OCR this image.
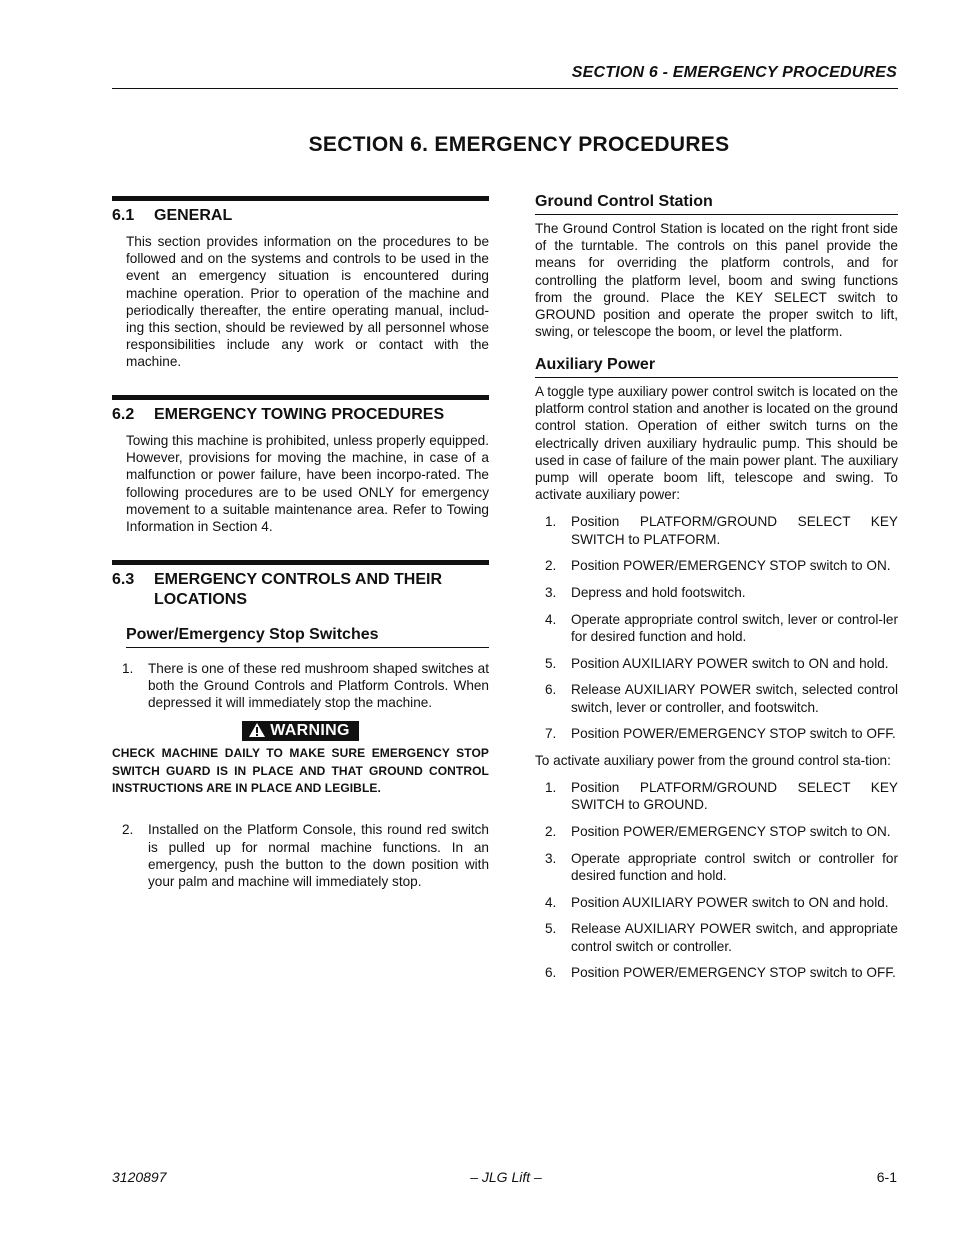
SECTION 6 - EMERGENCY PROCEDURES
SECTION 6. EMERGENCY PROCEDURES
6.1 GENERAL
This section provides information on the procedures to be followed and on the systems and controls to be used in the event an emergency situation is encountered during machine operation. Prior to operation of the machine and periodically thereafter, the entire operating manual, includ-ing this section, should be reviewed by all personnel whose responsibilities include any work or contact with the machine.
6.2 EMERGENCY TOWING PROCEDURES
Towing this machine is prohibited, unless properly equipped. However, provisions for moving the machine, in case of a malfunction or power failure, have been incorpo-rated. The following procedures are to be used ONLY for emergency movement to a suitable maintenance area. Refer to Towing Information in Section 4.
6.3 EMERGENCY CONTROLS AND THEIR LOCATIONS
Power/Emergency Stop Switches
1. There is one of these red mushroom shaped switches at both the Ground Controls and Platform Controls. When depressed it will immediately stop the machine.
WARNING
CHECK MACHINE DAILY TO MAKE SURE EMERGENCY STOP SWITCH GUARD IS IN PLACE AND THAT GROUND CONTROL INSTRUCTIONS ARE IN PLACE AND LEGIBLE.
2. Installed on the Platform Console, this round red switch is pulled up for normal machine functions. In an emergency, push the button to the down position with your palm and machine will immediately stop.
Ground Control Station
The Ground Control Station is located on the right front side of the turntable. The controls on this panel provide the means for overriding the platform controls, and for controlling the platform level, boom and swing functions from the ground. Place the KEY SELECT switch to GROUND position and operate the proper switch to lift, swing, or telescope the boom, or level the platform.
Auxiliary Power
A toggle type auxiliary power control switch is located on the platform control station and another is located on the ground control station. Operation of either switch turns on the electrically driven auxiliary hydraulic pump. This should be used in case of failure of the main power plant. The auxiliary pump will operate boom lift, telescope and swing. To activate auxiliary power:
1. Position PLATFORM/GROUND SELECT KEY SWITCH to PLATFORM.
2. Position POWER/EMERGENCY STOP switch to ON.
3. Depress and hold footswitch.
4. Operate appropriate control switch, lever or control-ler for desired function and hold.
5. Position AUXILIARY POWER switch to ON and hold.
6. Release AUXILIARY POWER switch, selected control switch, lever or controller, and footswitch.
7. Position POWER/EMERGENCY STOP switch to OFF.
To activate auxiliary power from the ground control sta-tion:
1. Position PLATFORM/GROUND SELECT KEY SWITCH to GROUND.
2. Position POWER/EMERGENCY STOP switch to ON.
3. Operate appropriate control switch or controller for desired function and hold.
4. Position AUXILIARY POWER switch to ON and hold.
5. Release AUXILIARY POWER switch, and appropriate control switch or controller.
6. Position POWER/EMERGENCY STOP switch to OFF.
3120897	– JLG Lift –	6-1
